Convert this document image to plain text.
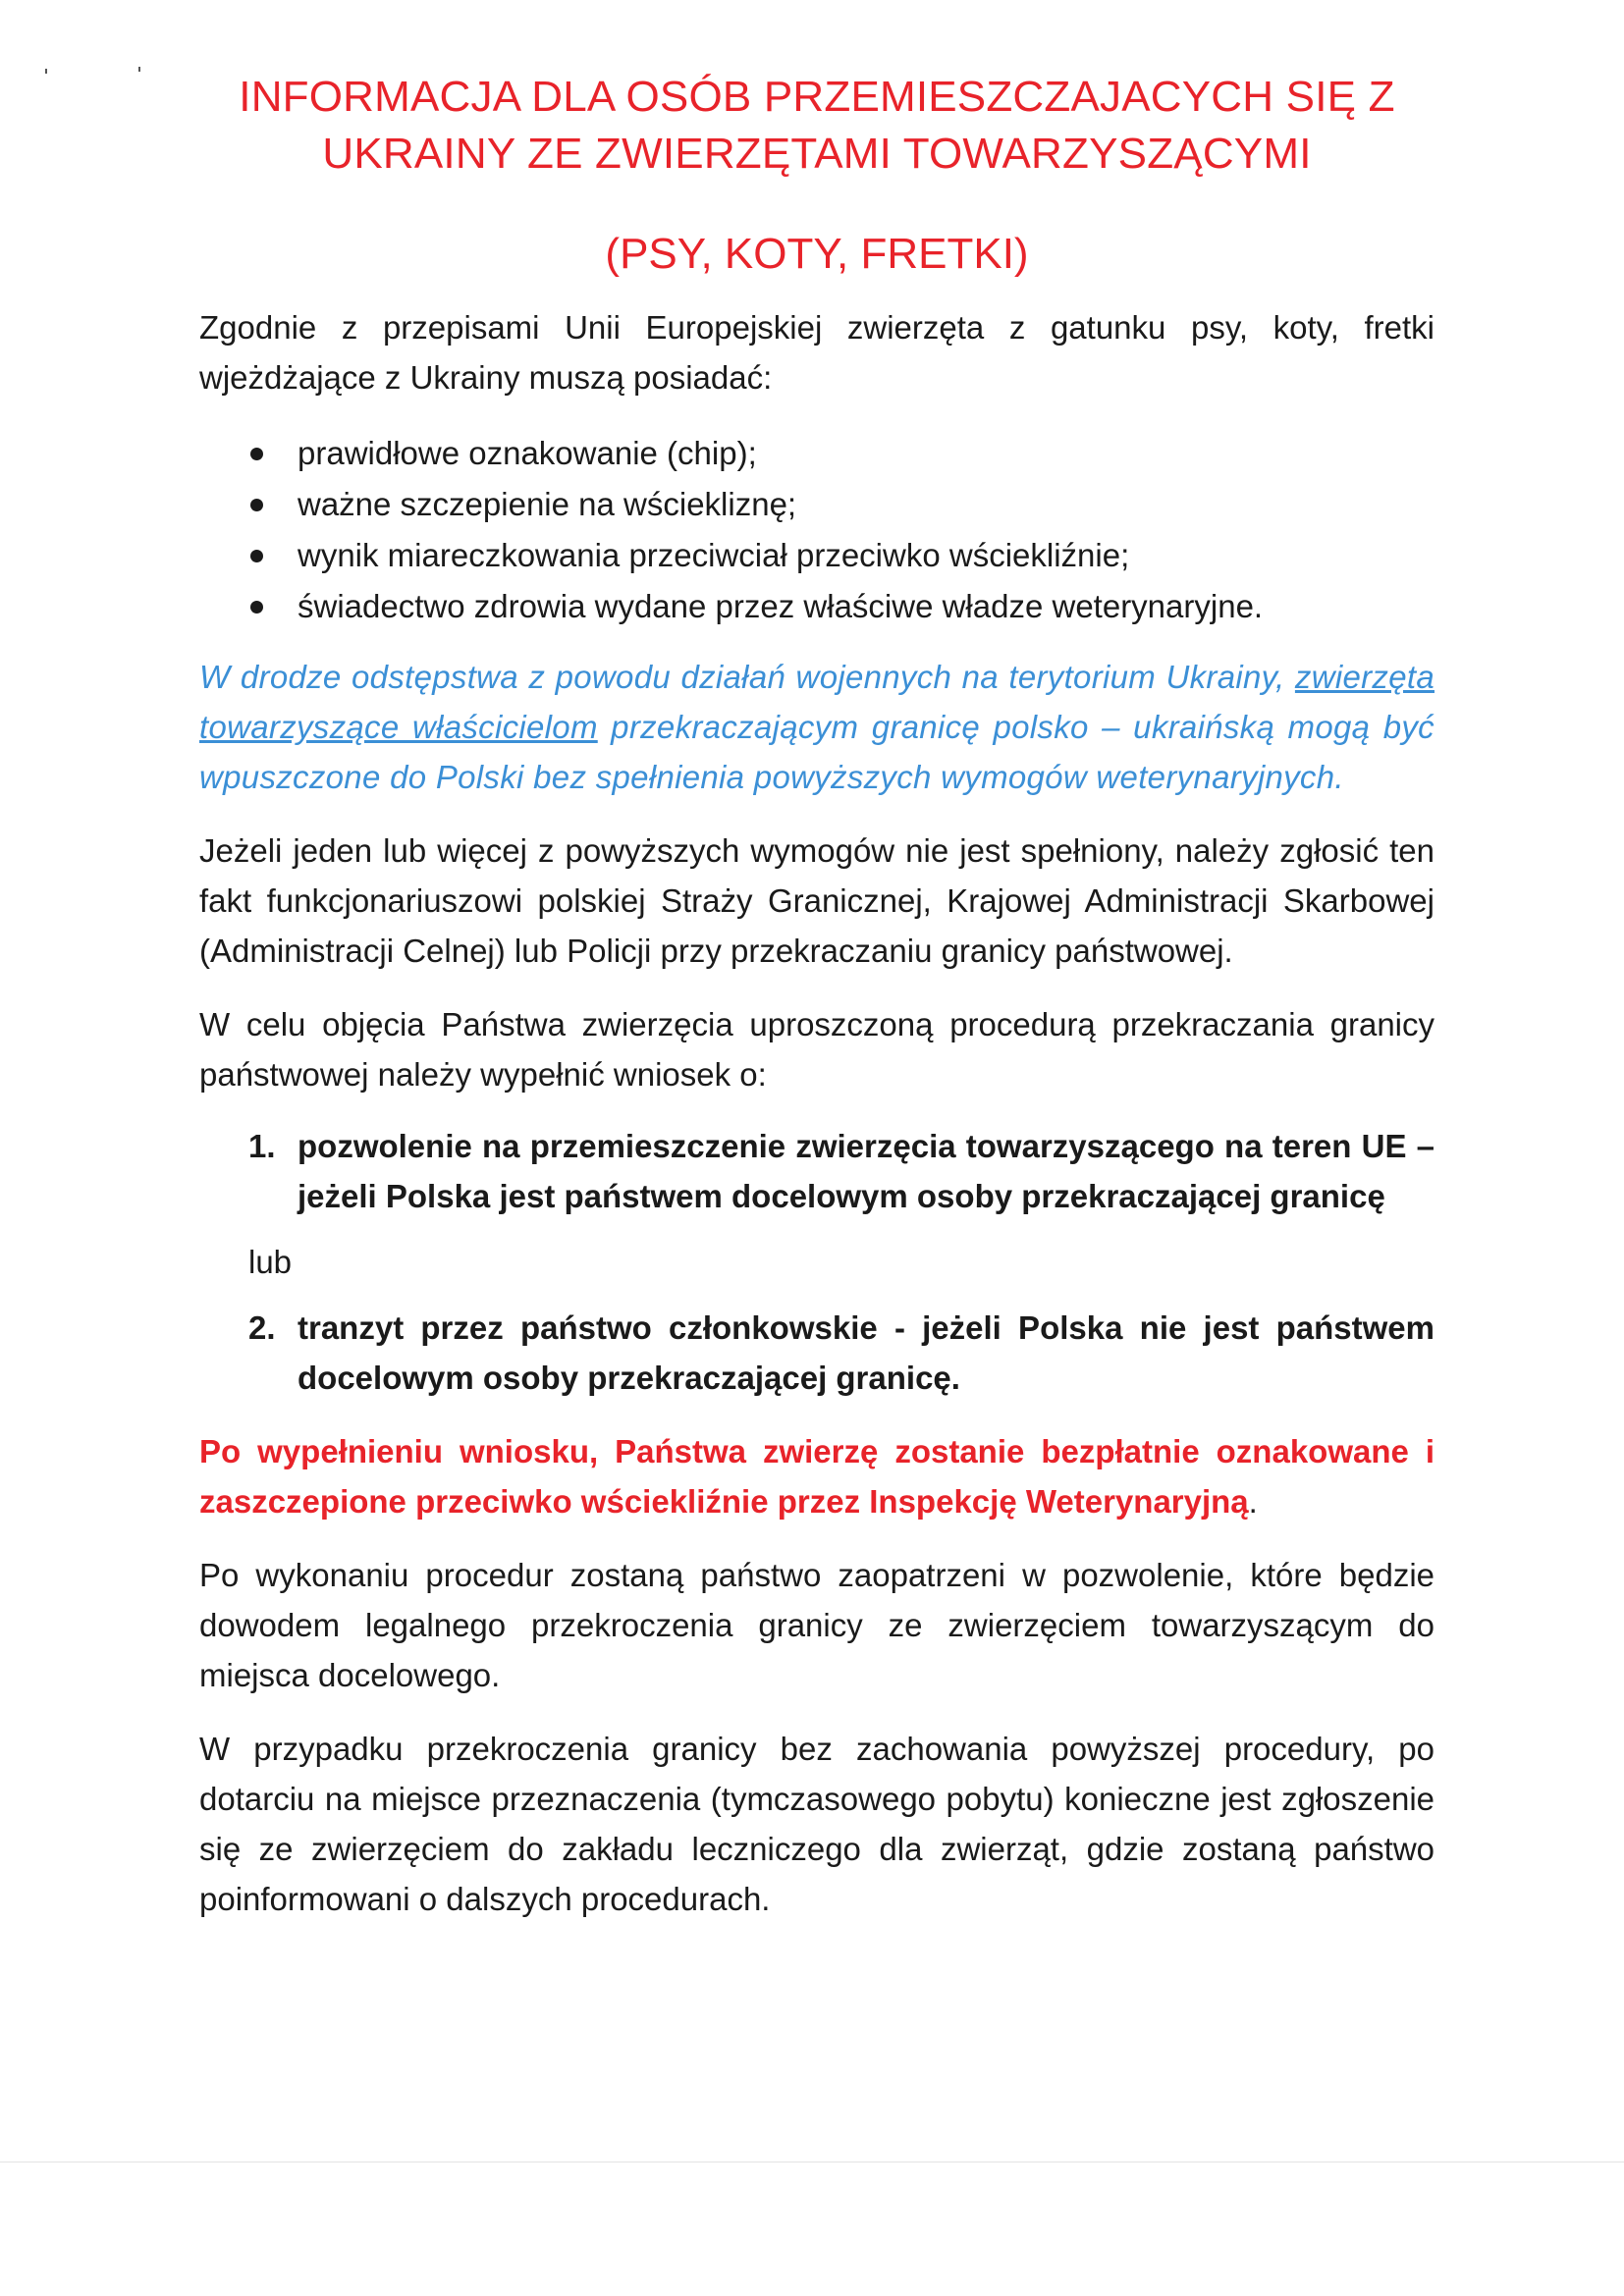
INFORMACJA DLA OSÓB PRZEMIESZCZAJACYCH SIĘ Z
UKRAINY ZE ZWIERZĘTAMI TOWARZYSZĄCYMI
(PSY, KOTY, FRETKI)

Zgodnie z przepisami Unii Europejskiej zwierzęta z gatunku psy, koty, fretki wjeżdżające z Ukrainy muszą posiadać:

prawidłowe oznakowanie (chip);
ważne szczepienie na wściekliznę;
wynik miareczkowania przeciwciał przeciwko wściekliźnie;
świadectwo zdrowia wydane przez właściwe władze weterynaryjne.

W drodze odstępstwa z powodu działań wojennych na terytorium Ukrainy, zwierzęta towarzyszące właścicielom przekraczającym granicę polsko – ukraińską mogą być wpuszczone do Polski bez spełnienia powyższych wymogów weterynaryjnych.

Jeżeli jeden lub więcej z powyższych wymogów nie jest spełniony, należy zgłosić ten fakt funkcjonariuszowi polskiej Straży Granicznej, Krajowej Administracji Skarbowej (Administracji Celnej) lub Policji przy przekraczaniu granicy państwowej.

W celu objęcia Państwa zwierzęcia uproszczoną procedurą przekraczania granicy państwowej należy wypełnić wniosek o:

1. pozwolenie na przemieszczenie zwierzęcia towarzyszącego na teren UE – jeżeli Polska jest państwem docelowym osoby przekraczającej granicę
lub
2. tranzyt przez państwo członkowskie - jeżeli Polska nie jest państwem docelowym osoby przekraczającej granicę.

Po wypełnieniu wniosku, Państwa zwierzę zostanie bezpłatnie oznakowane i zaszczepione przeciwko wściekliźnie przez Inspekcję Weterynaryjną.

Po wykonaniu procedur zostaną państwo zaopatrzeni w pozwolenie, które będzie dowodem legalnego przekroczenia granicy ze zwierzęciem towarzyszącym do miejsca docelowego.

W przypadku przekroczenia granicy bez zachowania powyższej procedury, po dotarciu na miejsce przeznaczenia (tymczasowego pobytu) konieczne jest zgłoszenie się ze zwierzęciem do zakładu leczniczego dla zwierząt, gdzie zostaną państwo poinformowani o dalszych procedurach.
